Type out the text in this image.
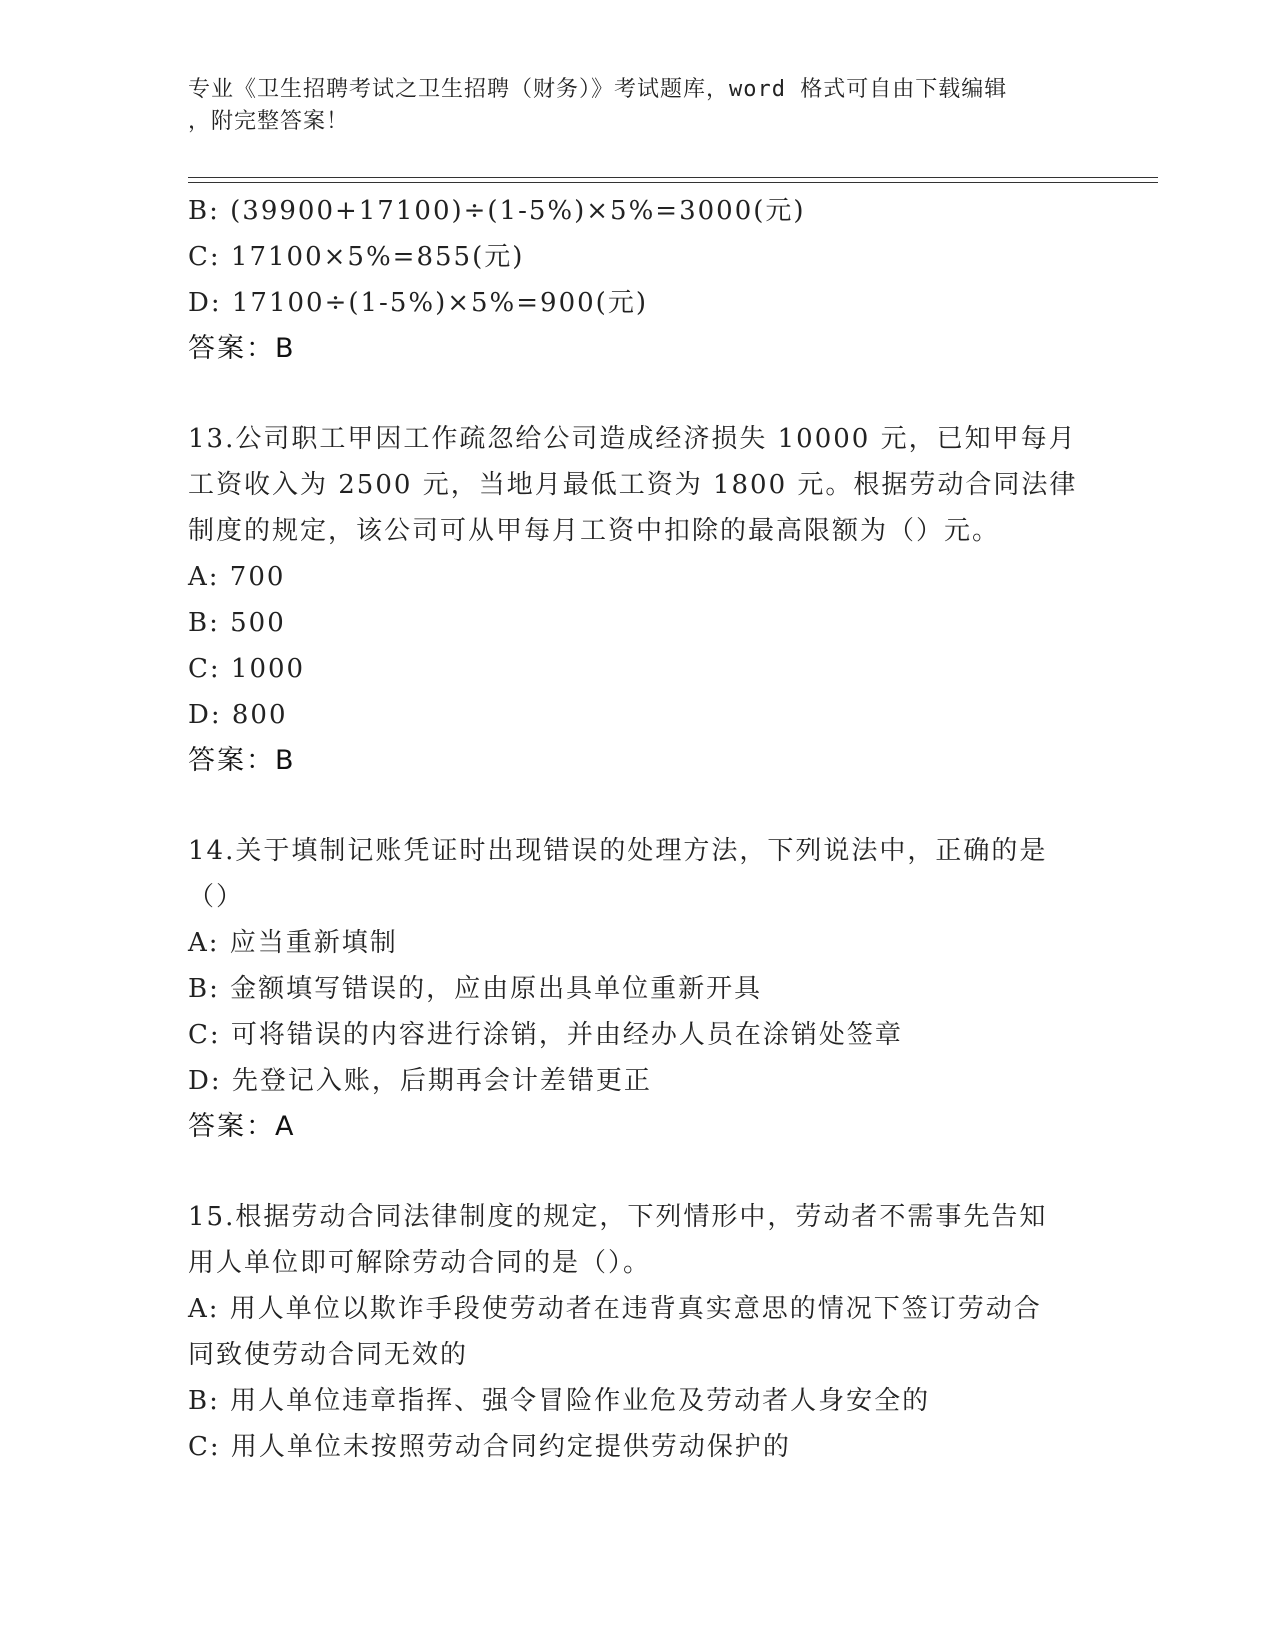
专业《卫生招聘考试之卫生招聘（财务）》考试题库，word 格式可自由下载编辑
，附完整答案！
B: (39900+17100)÷(1-5%)×5%=3000(元)
C: 17100×5%=855(元)
D: 17100÷(1-5%)×5%=900(元)
答案：B
13.公司职工甲因工作疏忽给公司造成经济损失 10000 元，已知甲每月
工资收入为 2500 元，当地月最低工资为 1800 元。根据劳动合同法律
制度的规定，该公司可从甲每月工资中扣除的最高限额为（）元。
A: 700
B: 500
C: 1000
D: 800
答案：B
14.关于填制记账凭证时出现错误的处理方法，下列说法中，正确的是
（）
A: 应当重新填制
B: 金额填写错误的，应由原出具单位重新开具
C: 可将错误的内容进行涂销，并由经办人员在涂销处签章
D: 先登记入账，后期再会计差错更正
答案：A
15.根据劳动合同法律制度的规定，下列情形中，劳动者不需事先告知
用人单位即可解除劳动合同的是（）。
A: 用人单位以欺诈手段使劳动者在违背真实意思的情况下签订劳动合
同致使劳动合同无效的
B: 用人单位违章指挥、强令冒险作业危及劳动者人身安全的
C: 用人单位未按照劳动合同约定提供劳动保护的
